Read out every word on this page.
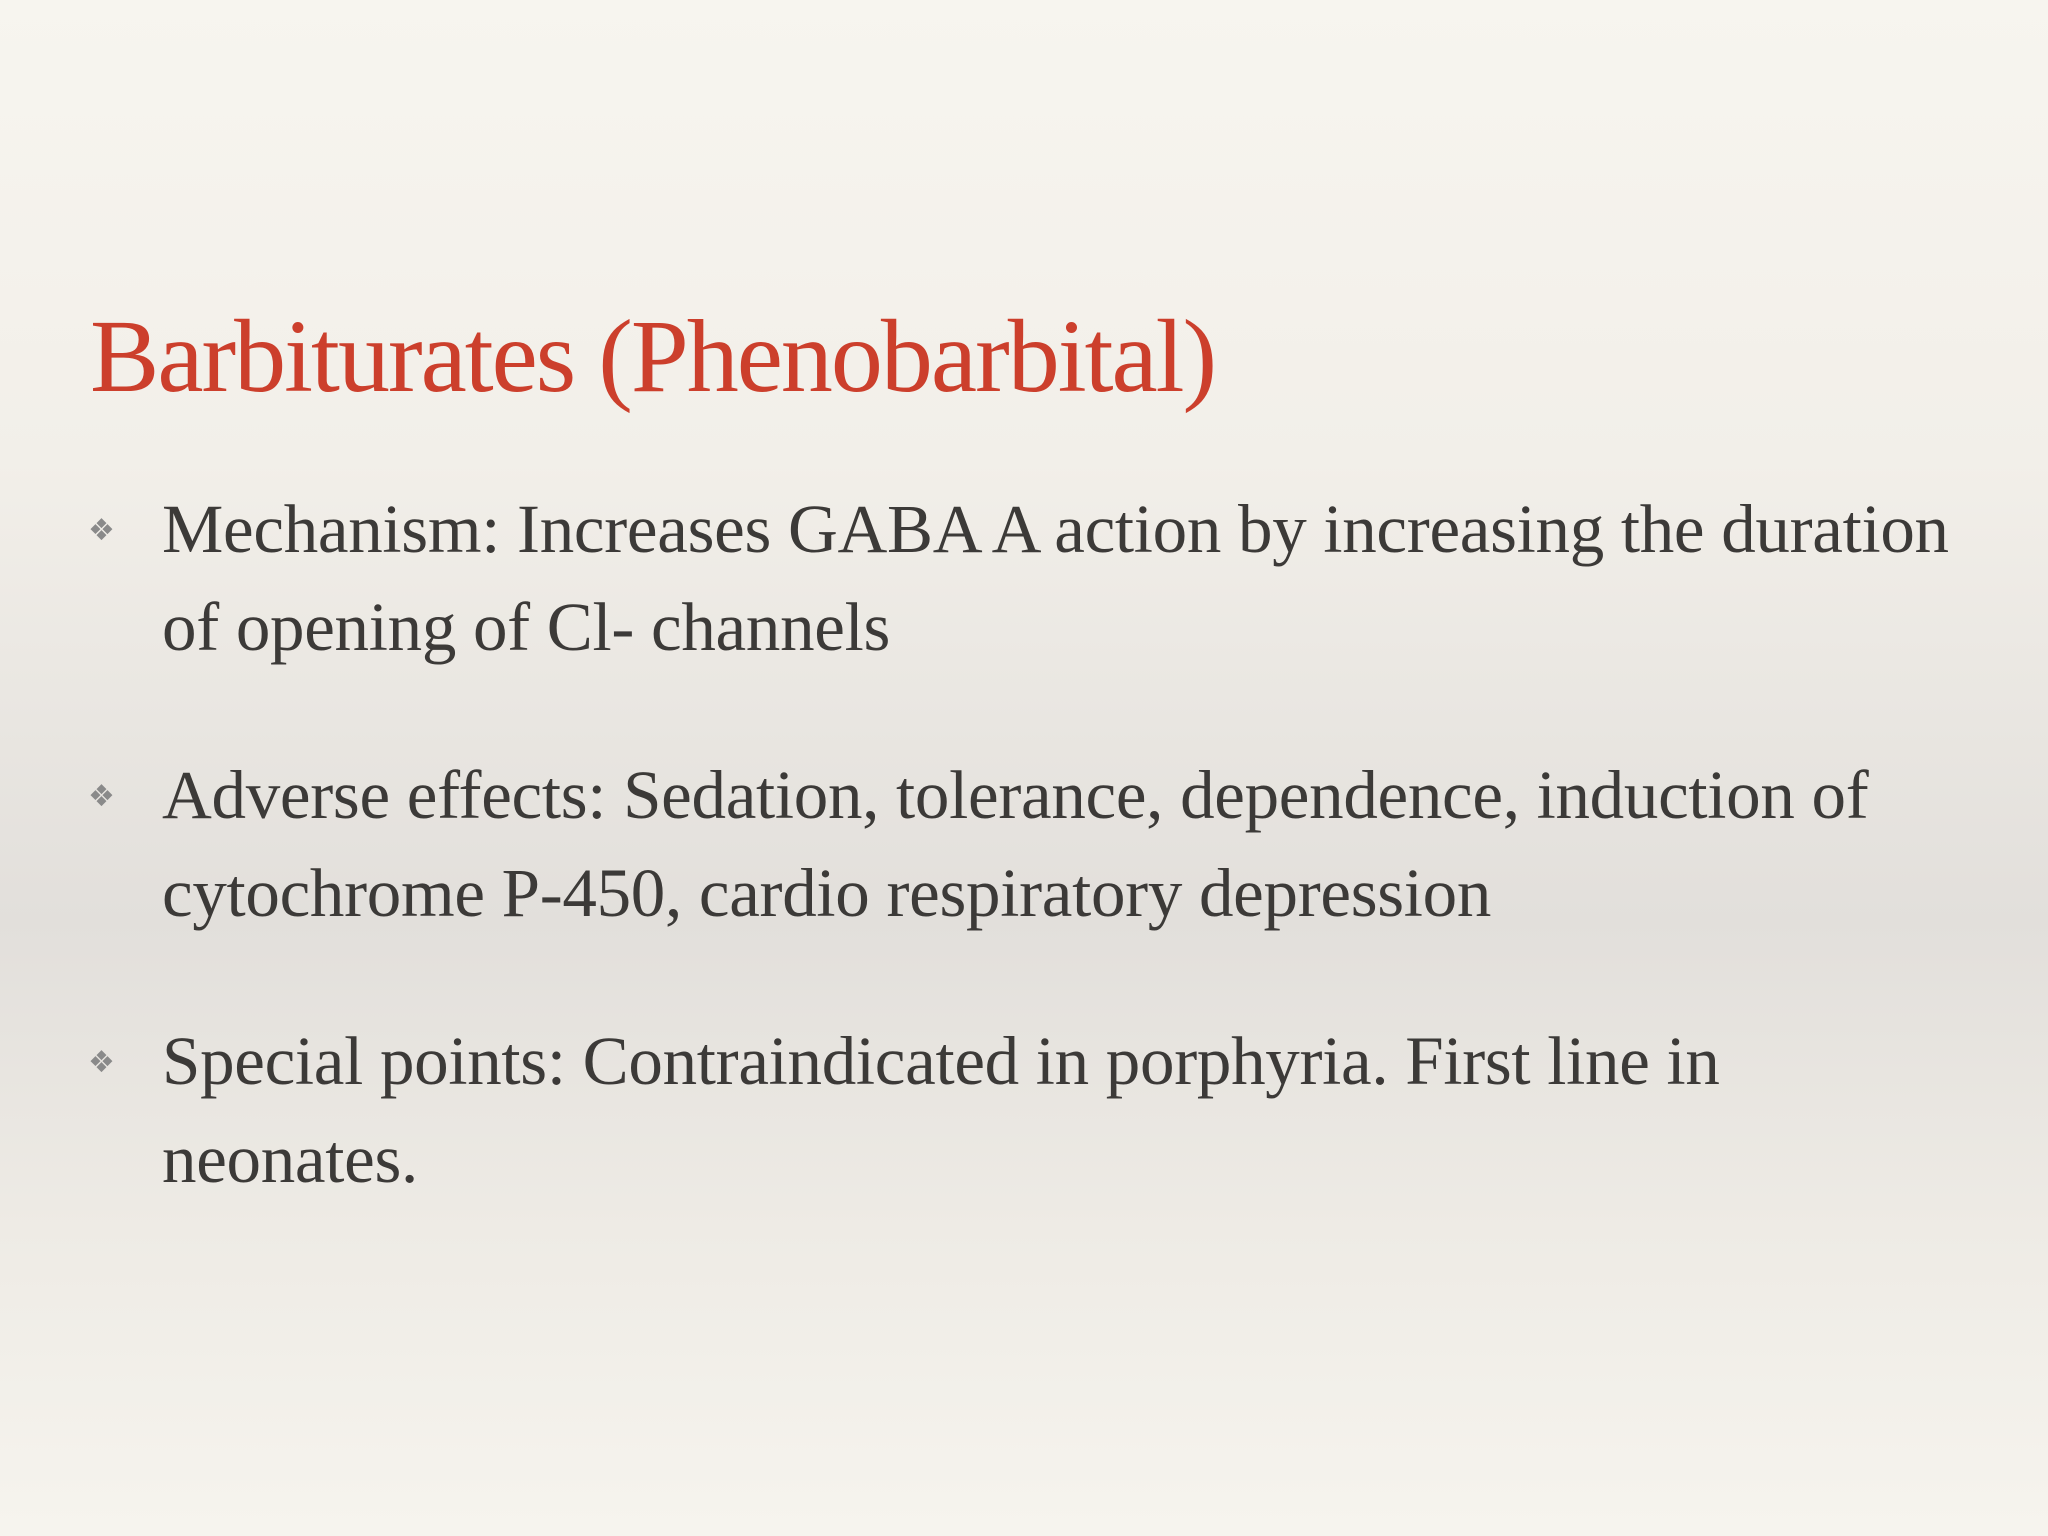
Barbiturates (Phenobarbital)
❖ Mechanism: Increases GABA A action by increasing the duration of opening of Cl- channels
❖ Adverse effects: Sedation, tolerance, dependence, induction of cytochrome P-450, cardio respiratory depression
❖ Special points: Contraindicated in porphyria. First line in neonates.
